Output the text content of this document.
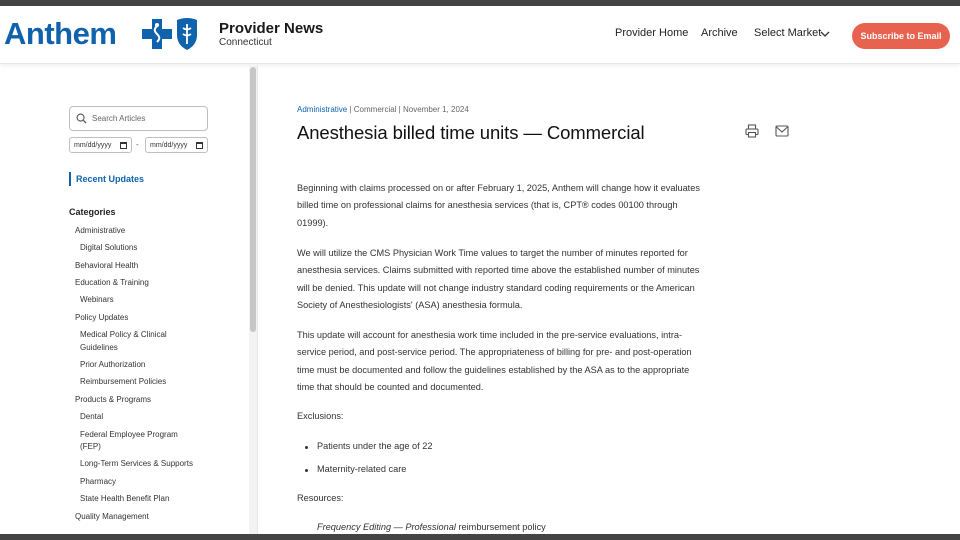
Anthem	Provider News
Connecticut
Provider Home Archive Select Market	Subscribe to Email
Search Articles
mm/dd/yyyy	- mm/dd/yyyy
Recent Updates
Categories
Administrative
Digital Solutions
Behavioral Health
Education & Training
Webinars
Policy Updates
Medical Policy & Clinical
Guidelines
Prior Authorization
Reimbursement Policies
Products & Programs
Dental
Federal Employee Program
(FEP)
Long-Term Services & Supports
Pharmacy
State Health Benefit Plan
Quality Management
Administrative | Commercial | November 1, 2024
Anesthesia billed time units — Commercial

Beginning with claims processed on or after February 1, 2025, Anthem will change how it evaluates billed time on professional claims for anesthesia services (that is, CPT® codes 00100 through 01999).

We will utilize the CMS Physician Work Time values to target the number of minutes reported for anesthesia services. Claims submitted with reported time above the established number of minutes will be denied. This update will not change industry standard coding requirements or the American Society of Anesthesiologists' (ASA) anesthesia formula.

This update will account for anesthesia work time included in the pre-service evaluations, intra-service period, and post-service period. The appropriateness of billing for pre- and post-operation time must be documented and follow the guidelines established by the ASA as to the appropriate time that should be counted and documented.

Exclusions:

Patients under the age of 22
Maternity-related care

Resources:

Frequency Editing — Professional reimbursement policy
